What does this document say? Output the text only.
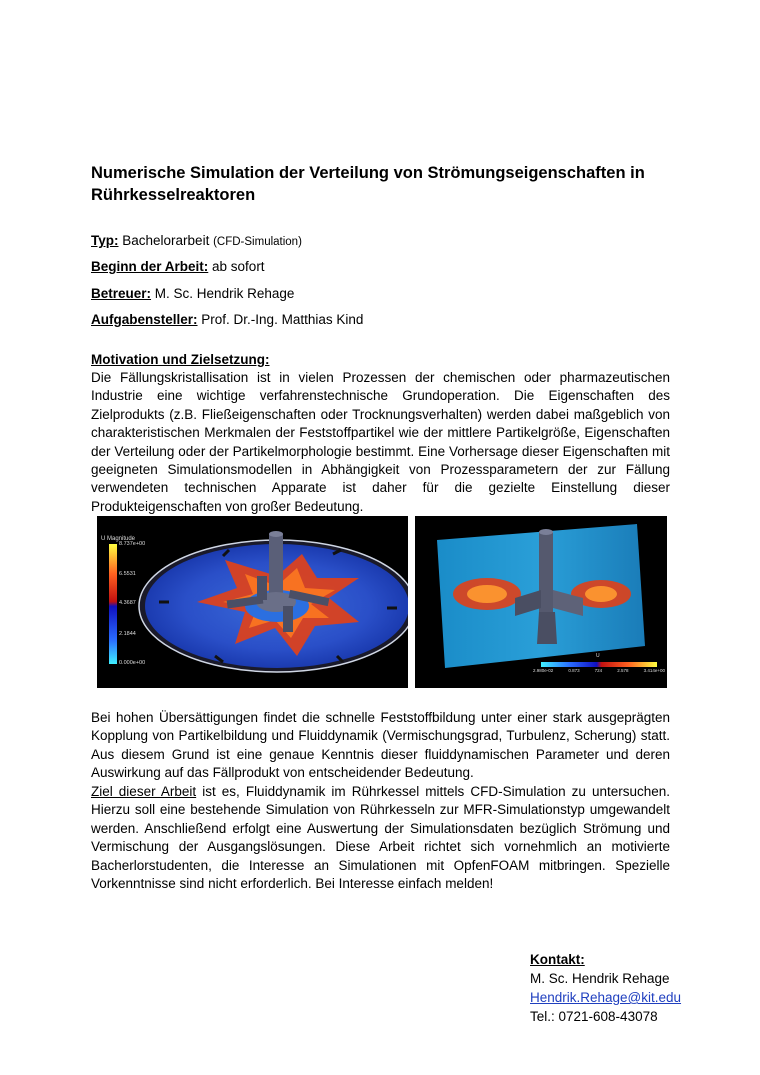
Numerische Simulation der Verteilung von Strömungseigenschaften in Rührkesselreaktoren
Typ: Bachelorarbeit (CFD-Simulation)
Beginn der Arbeit: ab sofort
Betreuer: M. Sc. Hendrik Rehage
Aufgabensteller: Prof. Dr.-Ing. Matthias Kind
Motivation und Zielsetzung:
Die Fällungskristallisation ist in vielen Prozessen der chemischen oder pharmazeutischen Industrie eine wichtige verfahrenstechnische Grundoperation. Die Eigenschaften des Zielprodukts (z.B. Fließeigenschaften oder Trocknungsverhalten) werden dabei maßgeblich von charakteristischen Merkmalen der Feststoffpartikel wie der mittlere Partikelgröße, Eigenschaften der Verteilung oder der Partikelmorphologie bestimmt. Eine Vorhersage dieser Eigenschaften mit geeigneten Simulationsmodellen in Abhängigkeit von Prozessparametern der zur Fällung verwendeten technischen Apparate ist daher für die gezielte Einstellung dieser Produkteigenschaften von großer Bedeutung.
U Magnitude
8.737e+00
6.5531
4.3687
2.1844
0.000e+00
U
2.980e-02	0.873	724	2.578	3.414e+00
Bei hohen Übersättigungen findet die schnelle Feststoffbildung unter einer stark ausgeprägten Kopplung von Partikelbildung und Fluiddynamik (Vermischungsgrad, Turbulenz, Scherung) statt. Aus diesem Grund ist eine genaue Kenntnis dieser fluiddynamischen Parameter und deren Auswirkung auf das Fällprodukt von entscheidender Bedeutung.
Ziel dieser Arbeit ist es, Fluiddynamik im Rührkessel mittels CFD-Simulation zu untersuchen. Hierzu soll eine bestehende Simulation von Rührkesseln zur MFR-Simulationstyp umgewandelt werden. Anschließend erfolgt eine Auswertung der Simulationsdaten bezüglich Strömung und Vermischung der Ausgangslösungen. Diese Arbeit richtet sich vornehmlich an motivierte Bacherlorstudenten, die Interesse an Simulationen mit OpfenFOAM mitbringen. Spezielle Vorkenntnisse sind nicht erforderlich. Bei Interesse einfach melden!
Kontakt:
M. Sc. Hendrik Rehage
Hendrik.Rehage@kit.edu
Tel.: 0721-608-43078
